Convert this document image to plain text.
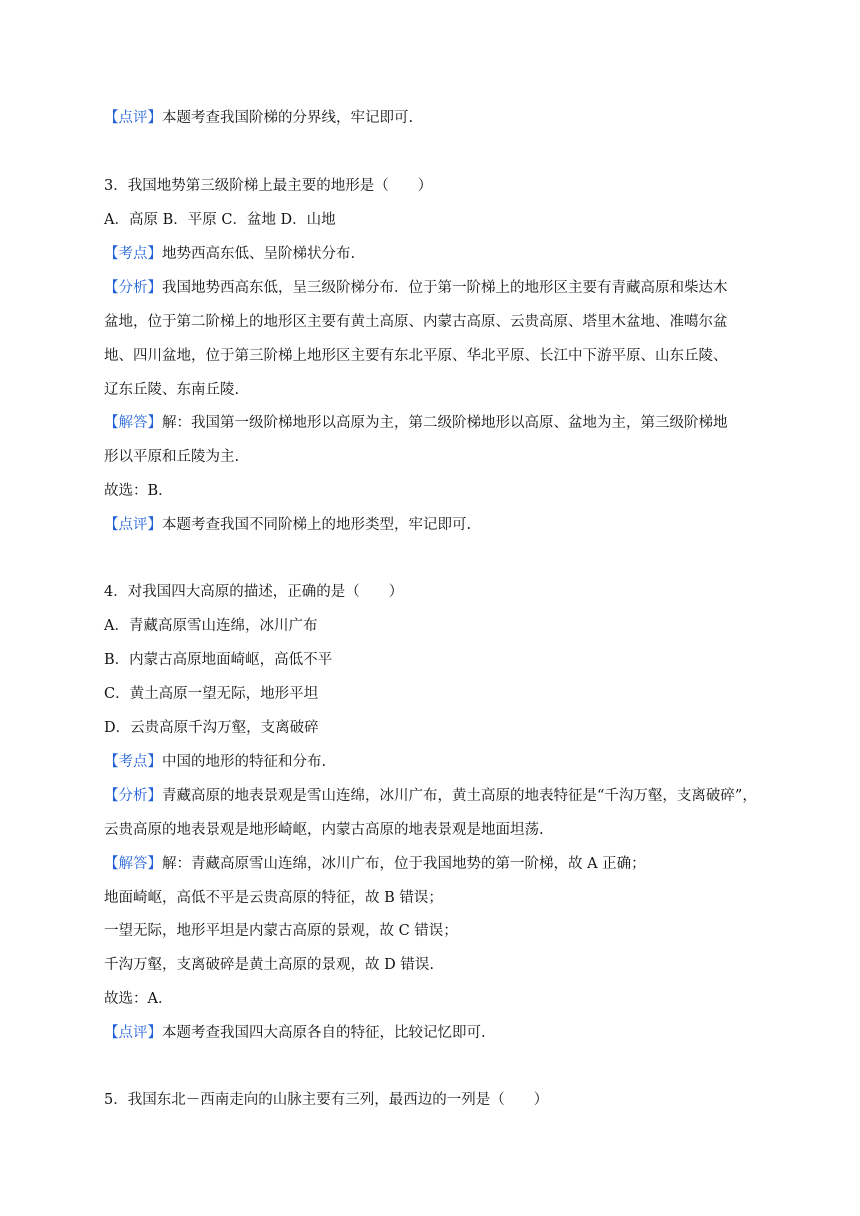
【点评】本题考查我国阶梯的分界线，牢记即可.
3．我国地势第三级阶梯上最主要的地形是（　　）
A．高原 B．平原 C．盆地 D．山地
【考点】地势西高东低、呈阶梯状分布.
【分析】我国地势西高东低，呈三级阶梯分布．位于第一阶梯上的地形区主要有青藏高原和柴达木
盆地，位于第二阶梯上的地形区主要有黄土高原、内蒙古高原、云贵高原、塔里木盆地、准噶尔盆
地、四川盆地，位于第三阶梯上地形区主要有东北平原、华北平原、长江中下游平原、山东丘陵、
辽东丘陵、东南丘陵.
【解答】解：我国第一级阶梯地形以高原为主，第二级阶梯地形以高原、盆地为主，第三级阶梯地
形以平原和丘陵为主.
故选：B．
【点评】本题考查我国不同阶梯上的地形类型，牢记即可.
4．对我国四大高原的描述，正确的是（　　）
A．青藏高原雪山连绵，冰川广布
B．内蒙古高原地面崎岖，高低不平
C．黄土高原一望无际，地形平坦
D．云贵高原千沟万壑，支离破碎
【考点】中国的地形的特征和分布.
【分析】青藏高原的地表景观是雪山连绵，冰川广布，黄土高原的地表特征是“千沟万壑，支离破碎”，
云贵高原的地表景观是地形崎岖，内蒙古高原的地表景观是地面坦荡.
【解答】解：青藏高原雪山连绵，冰川广布，位于我国地势的第一阶梯，故 A 正确；
地面崎岖，高低不平是云贵高原的特征，故 B 错误；
一望无际，地形平坦是内蒙古高原的景观，故 C 错误；
千沟万壑，支离破碎是黄土高原的景观，故 D 错误.
故选：A．
【点评】本题考查我国四大高原各自的特征，比较记忆即可.
5．我国东北－西南走向的山脉主要有三列，最西边的一列是（　　）
